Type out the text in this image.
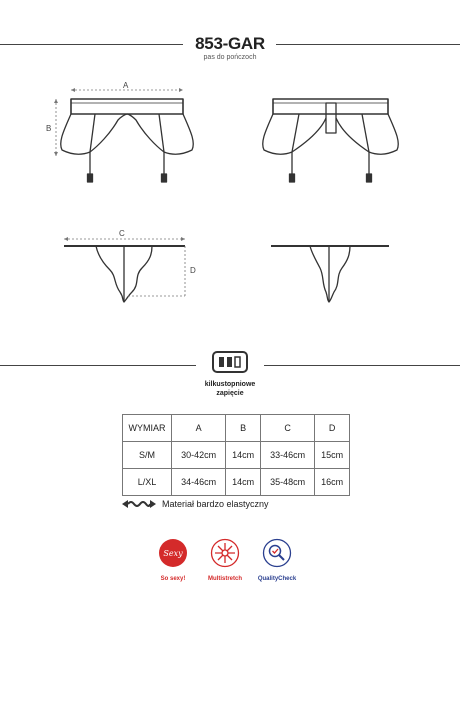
853-GAR
pas do pończoch
A
B
C
D
kilkustopniowe
zapięcie
WYMIAR	A	B	C	D
S/M	30-42cm	14cm	33-46cm	15cm
L/XL	34-46cm	14cm	35-48cm	16cm
Materiał bardzo elastyczny
Sexy
So sexy!	Multistretch	QualityCheck
